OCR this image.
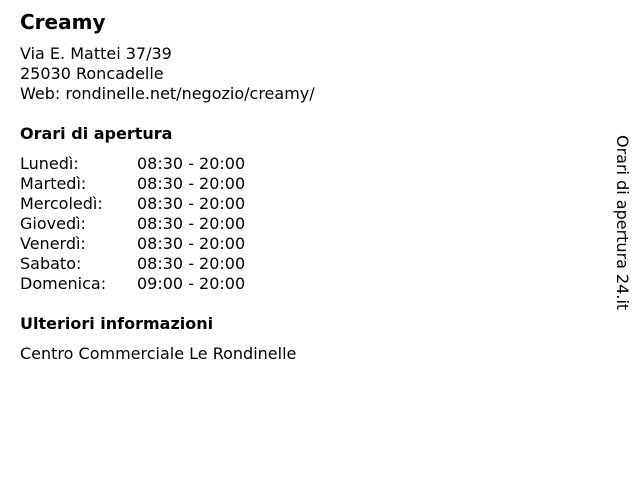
Creamy
Via E. Mattei 37/39
25030 Roncadelle
Web: rondinelle.net/negozio/creamy/
Orari di apertura
Lunedì:	08:30 - 20:00
Martedì:	08:30 - 20:00
Mercoledì:	08:30 - 20:00
Giovedì:	08:30 - 20:00
Venerdì:	08:30 - 20:00
Sabato:	08:30 - 20:00
Domenica:	09:00 - 20:00
Ulteriori informazioni
Centro Commerciale Le Rondinelle
Orari di apertura 24.it
